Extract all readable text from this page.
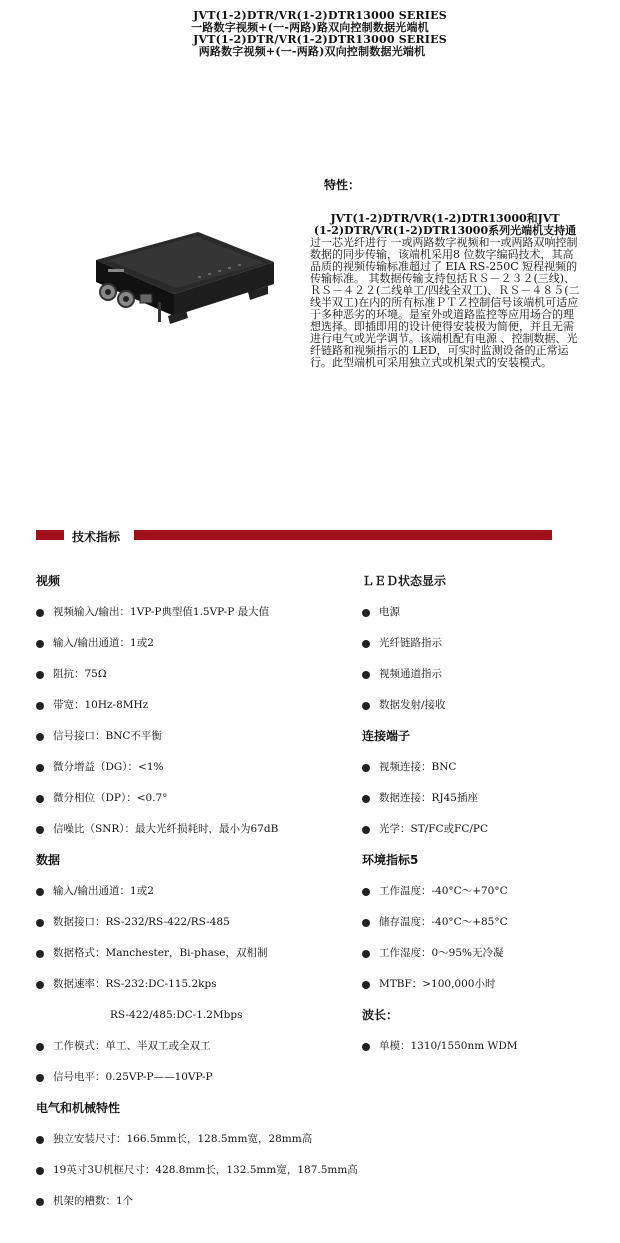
JVT(1-2)DTR/VR(1-2)DTR13000 SERIES
一路数字视频+(一-两路)路双向控制数据光端机
JVT(1-2)DTR/VR(1-2)DTR13000 SERIES
两路数字视频+(一-两路)双向控制数据光端机
特性：
JVT(1-2)DTR/VR(1-2)DTR13000和JVT
(1-2)DTR/VR(1-2)DTR13000系列光端机支持通
过一芯光纤进行 一或两路数字视频和一或两路双响控制数据的同步传输，该端机采用8 位数字编码技术，其高品质的视频传输标准超过了 EIA RS-250C 短程视频的传输标准。 其数据传输支持包括ＲＳ－２３２(三线)、ＲＳ－４２２(二线单工/四线全双工)、ＲＳ－４８５(二线半双工)在内的所有标准ＰＴＺ控制信号该端机可适应于多种恶劣的环境。是室外或道路监控等应用场合的理想选择。即插即用的设计使得安装极为简便，并且无需进行电气或光学调节。该端机配有电源 、控制数据、光纤链路和视频指示的 LED，可实时监测设备的正常运行。此型端机可采用独立式或机架式的安装模式。
技术指标
视频
视频输入/输出：1VP-P典型值1.5VP-P 最大值
输入/输出通道：1或2
阻抗：75Ω
带宽：10Hz-8MHz
信号接口：BNC不平衡
微分增益（DG）：<1%
微分相位（DP）：<0.7°
信噪比（SNR）：最大光纤损耗时，最小为67dB
数据
输入/输出通道：1或2
数据接口：RS-232/RS-422/RS-485
数据格式：Manchester，Bi-phase，双相制
数据速率：RS-232:DC-115.2kps
RS-422/485:DC-1.2Mbps
工作模式：单工、半双工或全双工
信号电平：0.25VP-P——10VP-P
电气和机械特性
独立安装尺寸：166.5mm长，128.5mm宽，28mm高
19英寸3U机框尺寸：428.8mm长，132.5mm宽，187.5mm高
机架的槽数：1个
ＬＥＤ状态显示
电源
光纤链路指示
视频通道指示
数据发射/接收
连接端子
视频连接：BNC
数据连接：RJ45插座
光学：ST/FC或FC/PC
环境指标5
工作温度：-40°C～+70°C
储存温度：-40°C～+85°C
工作湿度：0～95%无冷凝
MTBF：>100,000小时
波长：
单模：1310/1550nm WDM
